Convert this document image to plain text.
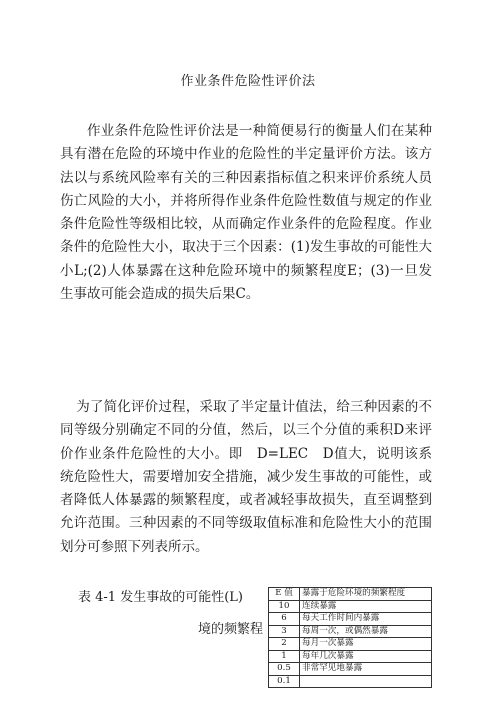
作业条件危险性评价法
作业条件危险性评价法是一种简便易行的衡量人们在某种具有潜在危险的环境中作业的危险性的半定量评价方法。该方法以与系统风险率有关的三种因素指标值之积来评价系统人员伤亡风险的大小，并将所得作业条件危险性数值与规定的作业条件危险性等级相比较，从而确定作业条件的危险程度。作业条件的危险性大小，取决于三个因素：(1)发生事故的可能性大小L;(2)人体暴露在这种危险环境中的频繁程度E；(3)一旦发生事故可能会造成的损失后果C。
为了简化评价过程，采取了半定量计值法，给三种因素的不同等级分别确定不同的分值，然后，以三个分值的乘积D来评价作业条件危险性的大小。即　D=LEC　D值大，说明该系统危险性大，需要增加安全措施，减少发生事故的可能性，或者降低人体暴露的频繁程度，或者减轻事故损失，直至调整到允许范围。三种因素的不同等级取值标准和危险性大小的范围划分可参照下列表所示。
表 4-1 发生事故的可能性(L)
境的频繁程
E 值	暴露于危险环境的频繁程度
10	连续暴露
6	每天工作时间内暴露
3	每周一次，或偶然暴露
2	每月一次暴露
1	每年几次暴露
0.5	非常罕见地暴露
0.1	
